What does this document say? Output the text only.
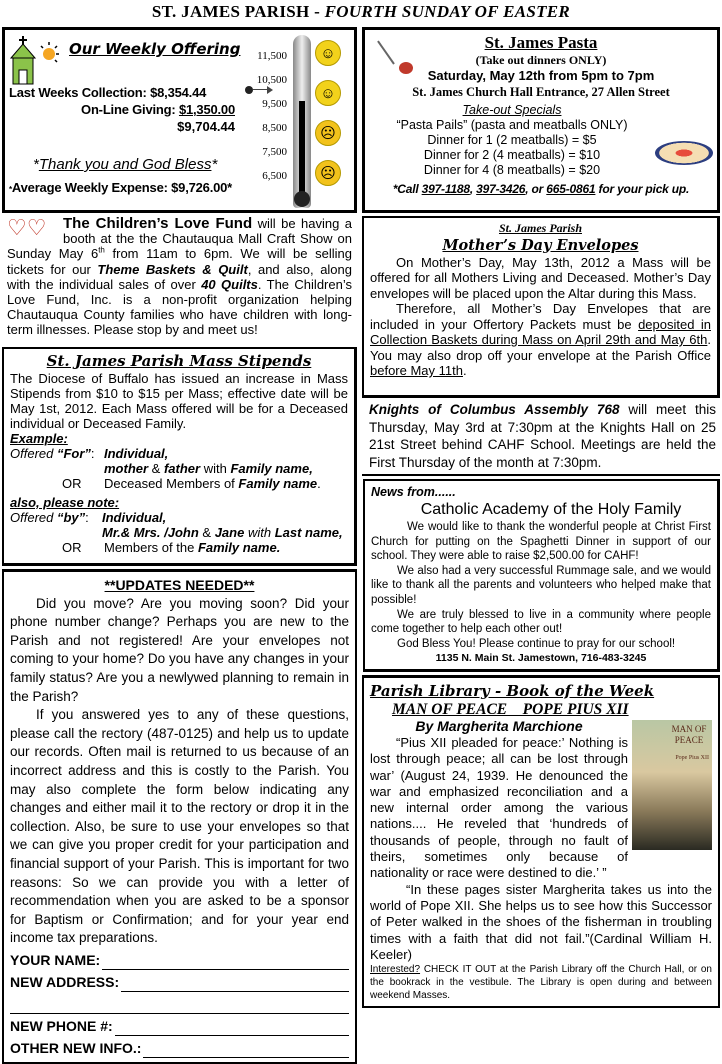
ST. JAMES PARISH - FOURTH SUNDAY OF EASTER
Our Weekly Offering
Last Weeks Collection: $8,354.44
On-Line Giving: $1,350.00
$9,704.44
*Thank you and God Bless*
*Average Weekly Expense: $9,726.00*
11,500
10,500
9,500
8,500
7,500
6,500
☺
☺
☹
☹
♡♡	The Children’s Love Fund will be having a booth at the the Chautauqua Mall Craft Show on Sunday May 6th from 11am to 6pm. We will be selling tickets for our Theme Baskets & Quilt, and also, along with the individual sales of over 40 Quilts. The Children’s Love Fund, Inc. is a non-profit organization helping Chautauqua County families who have children with long-term illnesses. Please stop by and meet us!
St. James Parish Mass Stipends
The Diocese of Buffalo has issued an increase in Mass Stipends from $10 to $15 per Mass; effective date will be May 1st, 2012. Each Mass offered will be for a Deceased individual or Deceased Family.
Example:
Offered “For”: Individual,
mother & father with Family name,
OR Deceased Members of Family name.
also, please note:
Offered “by”: Individual,
Mr.& Mrs. /John & Jane with Last name,
OR Members of the Family name.
**UPDATES NEEDED**
Did you move? Are you moving soon? Did your phone number change? Perhaps you are new to the Parish and not registered! Are your envelopes not coming to your home? Do you have any changes in your family status? Are you a newlywed planning to remain in the Parish?
If you answered yes to any of these questions, please call the rectory (487-0125) and help us to update our records. Often mail is returned to us because of an incorrect address and this is costly to the Parish. You may also complete the form below indicating any changes and either mail it to the rectory or drop it in the collection. Also, be sure to use your envelopes so that we can give you proper credit for your participation and financial support of your Parish. This is important for two reasons: So we can provide you with a letter of recommendation when you are asked to be a sponsor for Baptism or Confirmation; and for your year end income tax preparations.
YOUR NAME:
NEW ADDRESS:
NEW PHONE #:
OTHER NEW INFO.:
St. James Pasta
(Take out dinners ONLY)
Saturday, May 12th from 5pm to 7pm
St. James Church Hall Entrance, 27 Allen Street
Take-out Specials
“Pasta Pails” (pasta and meatballs ONLY)
Dinner for 1 (2 meatballs) = $5
Dinner for 2 (4 meatballs) = $10
Dinner for 4 (8 meatballs) = $20
*Call 397-1188, 397-3426, or 665-0861 for your pick up.
St. James Parish
Mother’s Day Envelopes
On Mother’s Day, May 13th, 2012 a Mass will be offered for all Mothers Living and Deceased. Mother’s Day envelopes will be placed upon the Altar during this Mass.
Therefore, all Mother’s Day Envelopes that are included in your Offertory Packets must be deposited in Collection Baskets during Mass on April 29th and May 6th. You may also drop off your envelope at the Parish Office before May 11th.
Knights of Columbus Assembly 768 will meet this Thursday, May 3rd at 7:30pm at the Knights Hall on 25 21st Street behind CAHF School. Meetings are held the First Thursday of the month at 7:30pm.
News from......
Catholic Academy of the Holy Family
We would like to thank the wonderful people at Christ First Church for putting on the Spaghetti Dinner in support of our school. They were able to raise $2,500.00 for CAHF!
We also had a very successful Rummage sale, and we would like to thank all the parents and volunteers who helped make that possible!
We are truly blessed to live in a community where people come together to help each other out!
God Bless You! Please continue to pray for our school!
1135 N. Main St. Jamestown, 716-483-3245
Parish Library - Book of the Week
MAN OF PEACE    POPE PIUS XII
MAN OF PEACE
Pope Pius XII
By Margherita Marchione
“Pius XII pleaded for peace:’ Nothing is lost through peace; all can be lost through war’ (August 24, 1939. He denounced the war and emphasized reconciliation and a new internal order among the various nations.... He reveled that ‘hundreds of thousands of people, through no fault of theirs, sometimes only because of nationality or race were destined to die.’ ”
“In these pages sister Margherita takes us into the world of Pope XII. She helps us to see how this Successor of Peter walked in the shoes of the fisherman in troubling times with a faith that did not fail.”(Cardinal William H. Keeler)
Interested? CHECK IT OUT at the Parish Library off the Church Hall, or on the bookrack in the vestibule. The Library is open during and between weekend Masses.
